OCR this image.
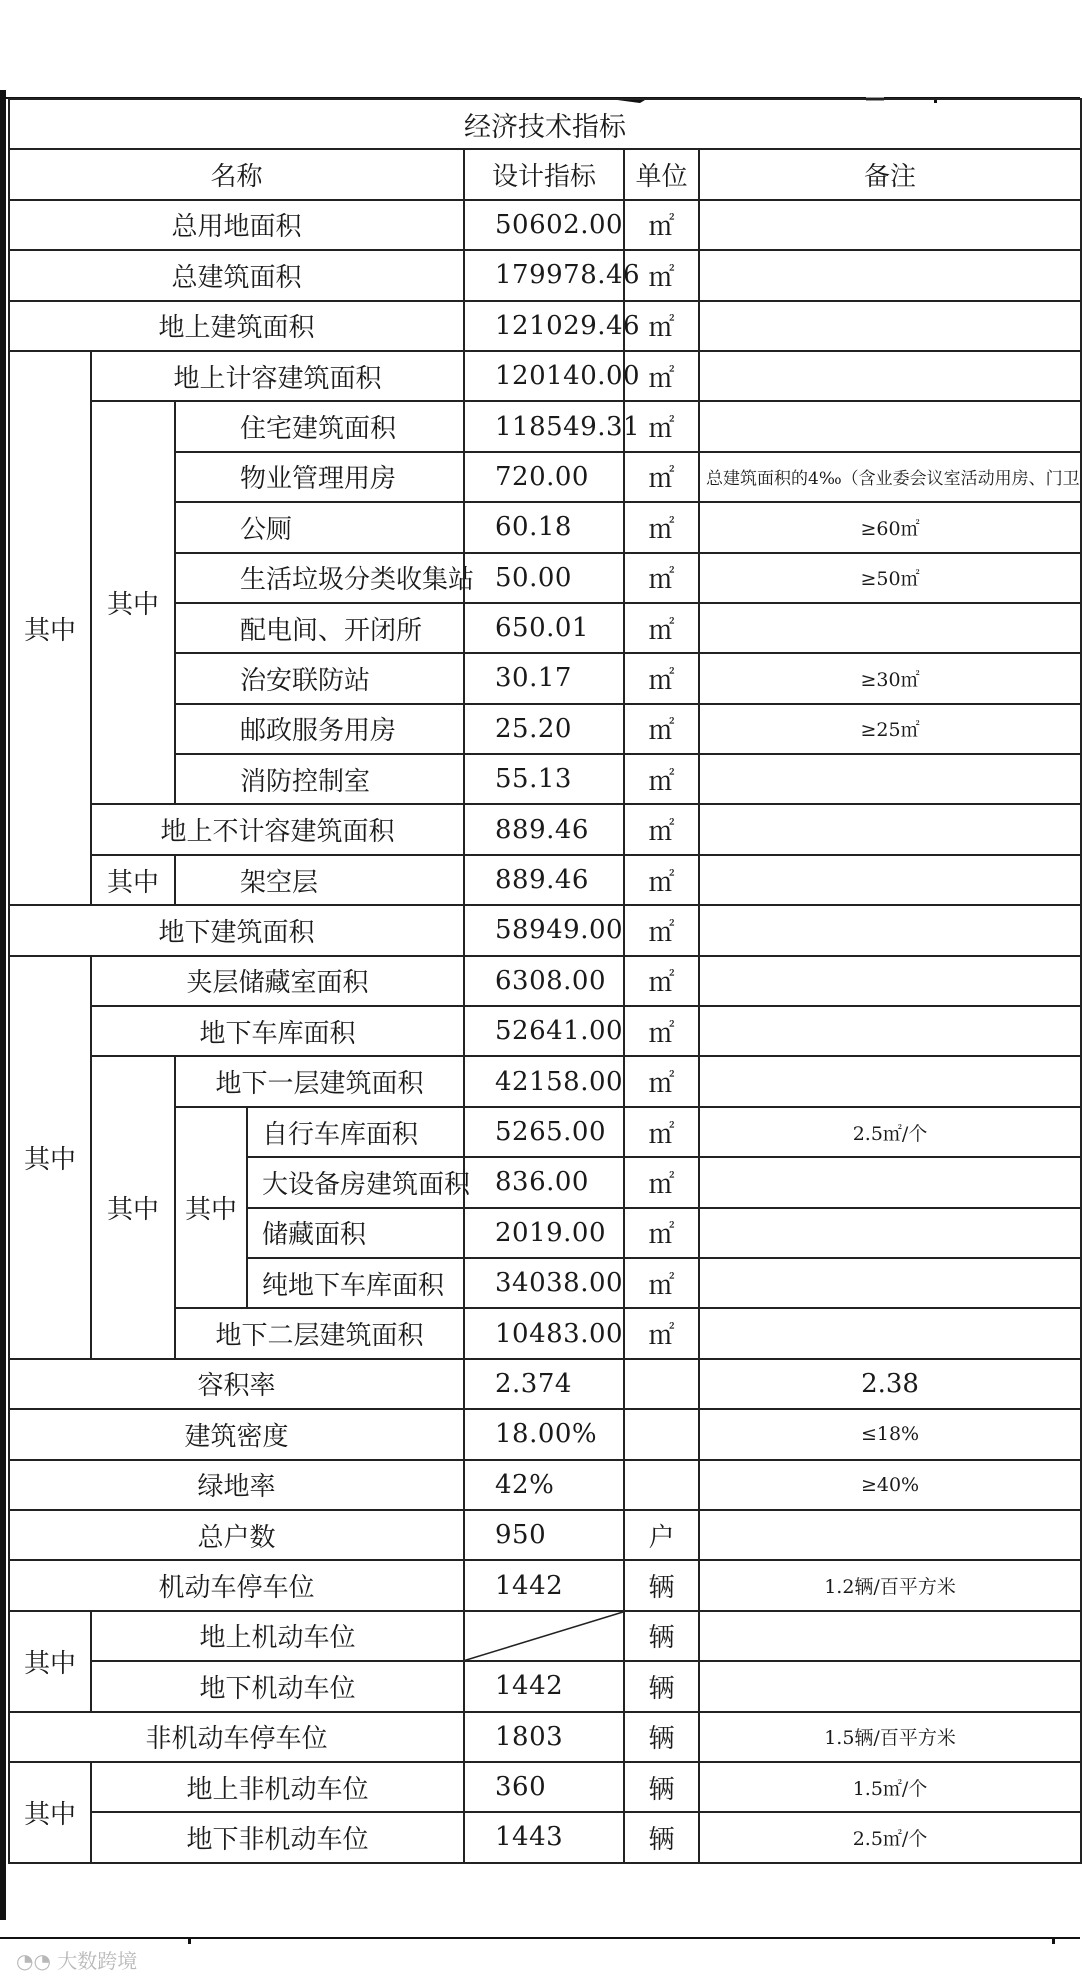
经济技术指标						
名称				设计指标	单位	备注
总用地面积				50602.00	㎡	
总建筑面积				179978.46	㎡	
地上建筑面积				121029.46	㎡	
其中	地上计容建筑面积			120140.00	㎡	
	其中	住宅建筑面积		118549.31	㎡	
		物业管理用房		720.00	㎡	总建筑面积的4‰（含业委会议室活动用房、门卫
		公厕		60.18	㎡	≥60㎡
		生活垃圾分类收集站		50.00	㎡	≥50㎡
		配电间、开闭所		650.01	㎡	
		治安联防站		30.17	㎡	≥30㎡
		邮政服务用房		25.20	㎡	≥25㎡
		消防控制室		55.13	㎡	
	地上不计容建筑面积			889.46	㎡	
	其中	架空层		889.46	㎡	
地下建筑面积				58949.00	㎡	
其中	夹层储藏室面积			6308.00	㎡	
	地下车库面积			52641.00	㎡	
	其中	地下一层建筑面积		42158.00	㎡	
		其中	自行车库面积	5265.00	㎡	2.5㎡/个
			大设备房建筑面积	836.00	㎡	
			储藏面积	2019.00	㎡	
			纯地下车库面积	34038.00	㎡	
		地下二层建筑面积		10483.00	㎡	
容积率				2.374		2.38
建筑密度				18.00%		≤18%
绿地率				42%		≥40%
总户数				950	户	
机动车停车位				1442	辆	1.2辆/百平方米
其中	地上机动车位				辆	
	地下机动车位			1442	辆	
非机动车停车位				1803	辆	1.5辆/百平方米
其中	地上非机动车位			360	辆	1.5㎡/个
	地下非机动车位			1443	辆	2.5㎡/个
◔◔ 大数跨境
